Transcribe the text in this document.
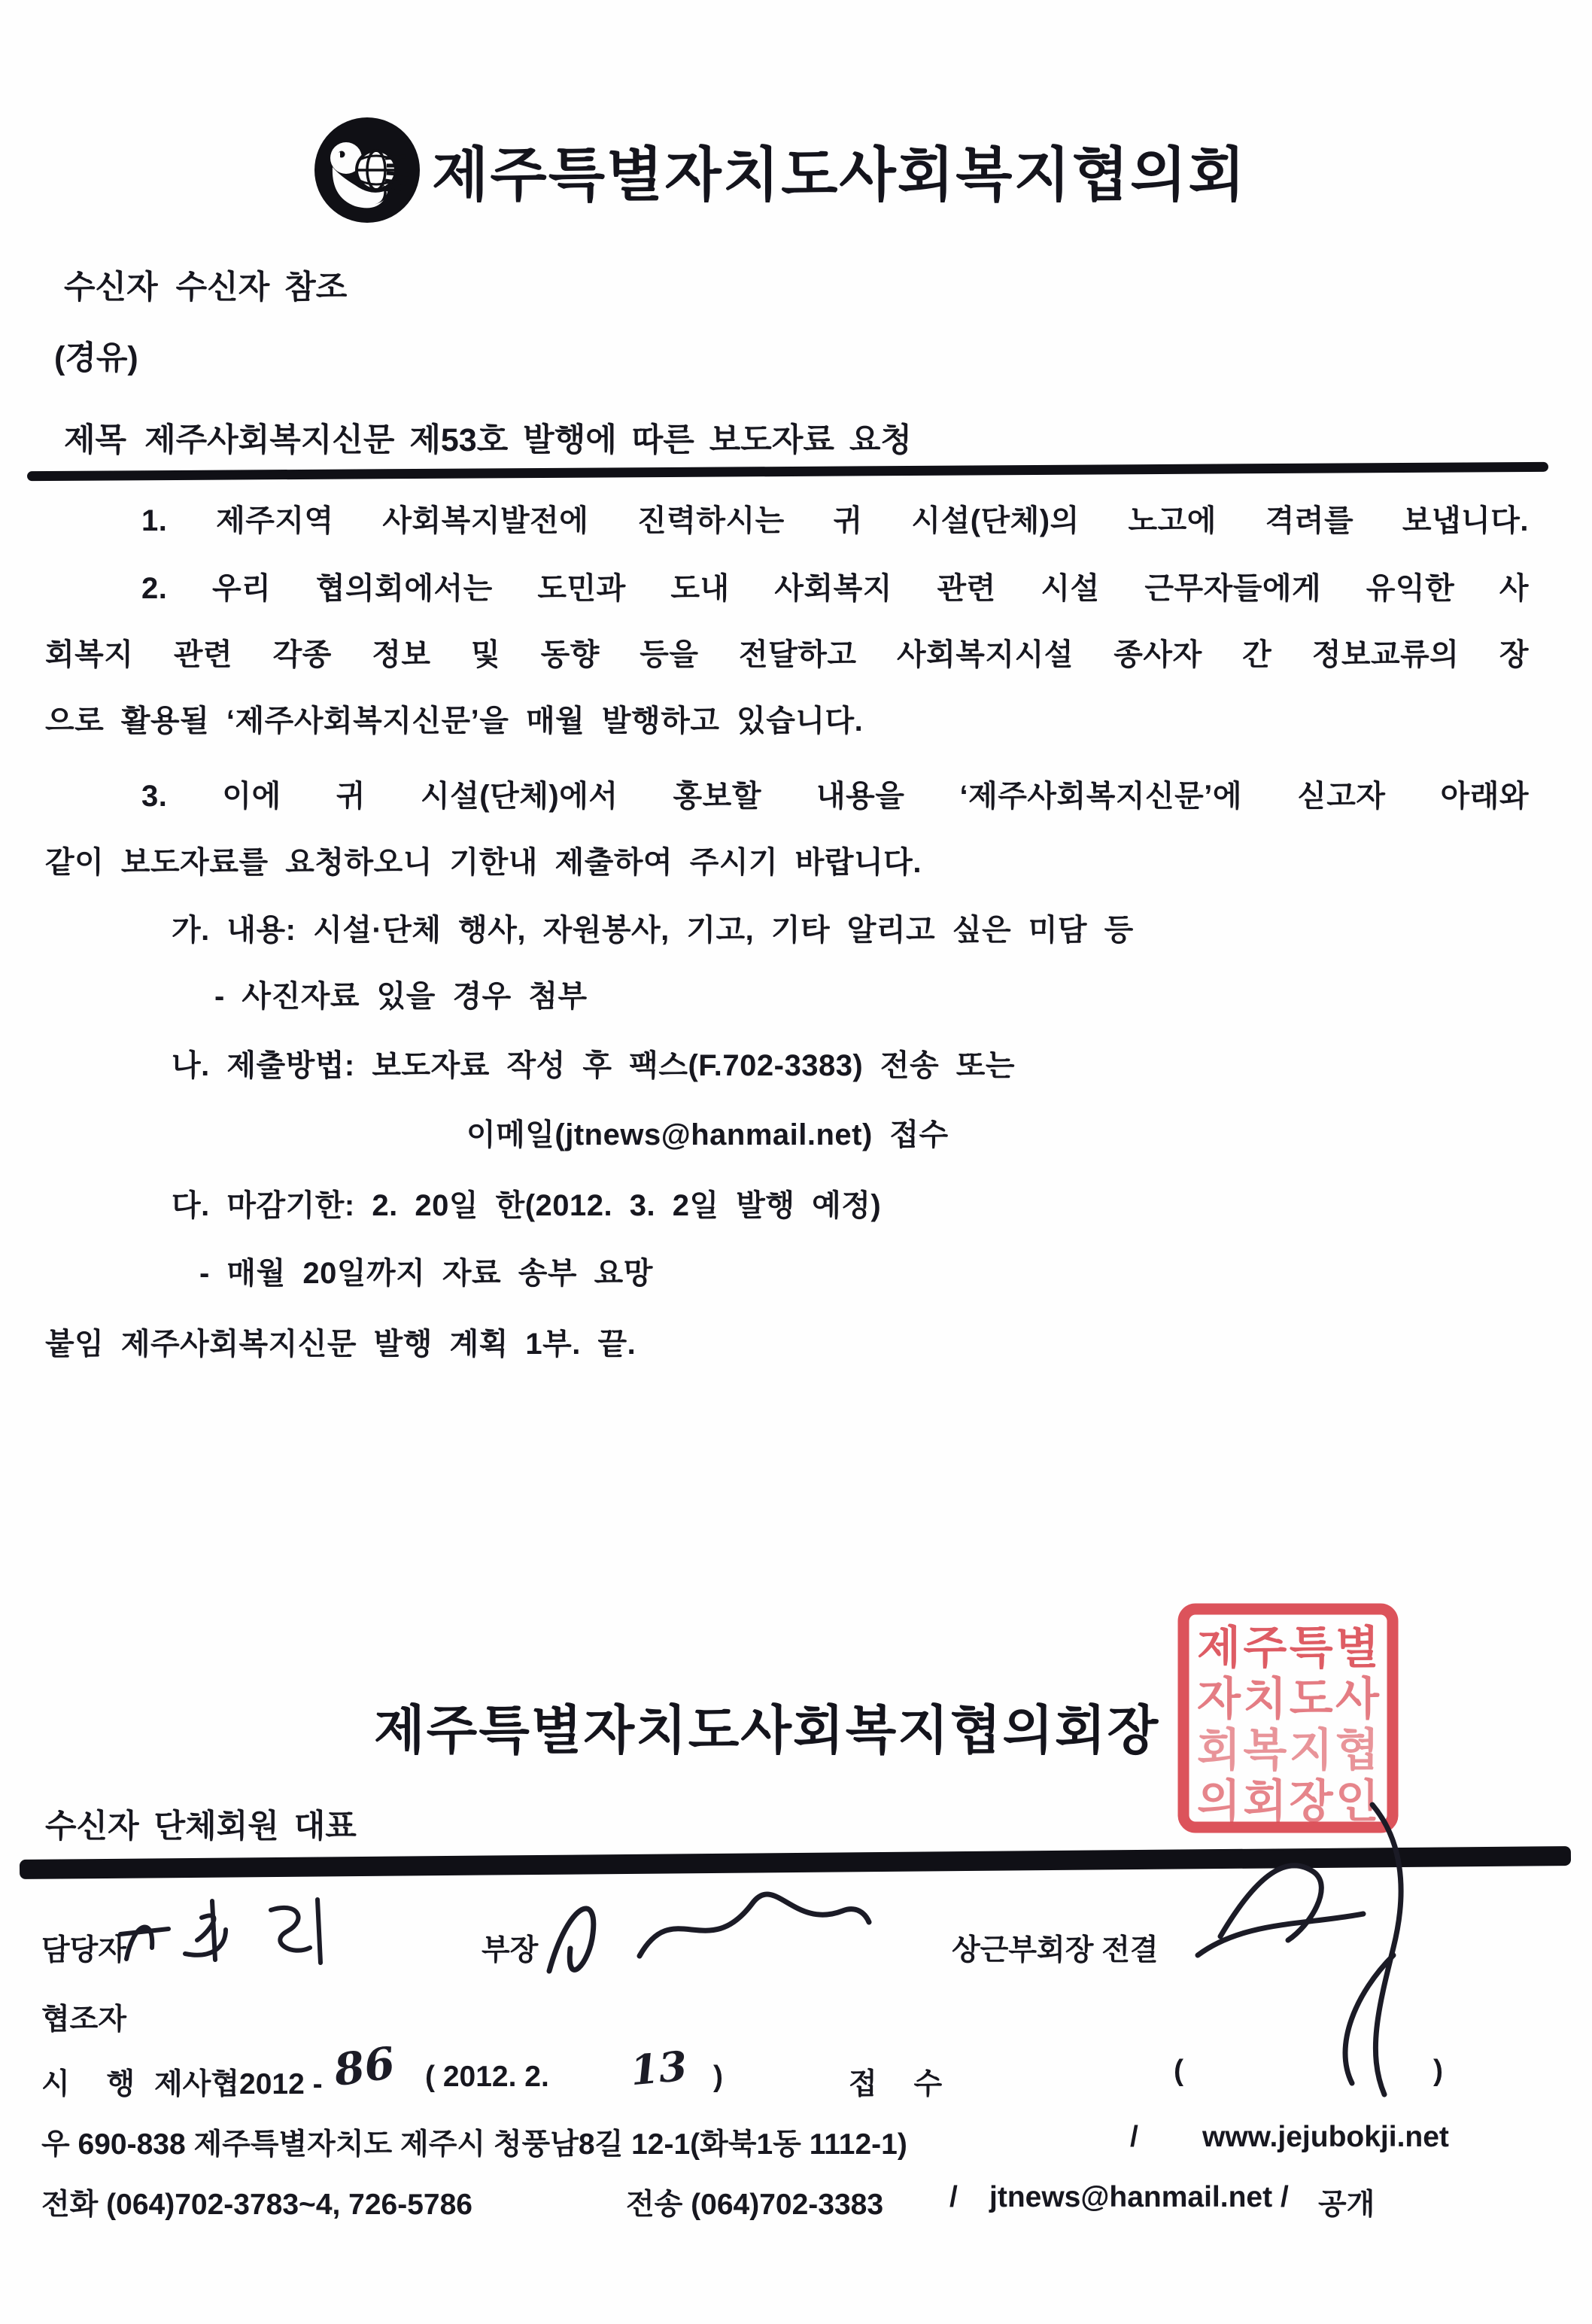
제주특별자치도사회복지협의회
수신자 수신자 참조
(경유)
제목 제주사회복지신문 제53호 발행에 따른 보도자료 요청
1. 제주지역 사회복지발전에 진력하시는 귀 시설(단체)의 노고에 격려를 보냅니다.
2. 우리 협의회에서는 도민과 도내 사회복지 관련 시설 근무자들에게 유익한 사
회복지 관련 각종 정보 및 동향 등을 전달하고 사회복지시설 종사자 간 정보교류의 장
으로 활용될 ‘제주사회복지신문’을 매월 발행하고 있습니다.
3. 이에 귀 시설(단체)에서 홍보할 내용을 ‘제주사회복지신문’에 싣고자 아래와
같이 보도자료를 요청하오니 기한내 제출하여 주시기 바랍니다.
가. 내용: 시설·단체 행사, 자원봉사, 기고, 기타 알리고 싶은 미담 등
- 사진자료 있을 경우 첨부
나. 제출방법: 보도자료 작성 후 팩스(F.702-3383) 전송 또는
이메일(jtnews@hanmail.net) 접수
다. 마감기한: 2. 20일 한(2012. 3. 2일 발행 예정)
- 매월 20일까지 자료 송부 요망
붙임 제주사회복지신문 발행 계획 1부. 끝.
제주특별자치도사회복지협의회장
제주특별
자치도사
회복지협
의회장인
수신자 단체회원 대표
담당자	부장	상근부회장 전결
협조자
시 행 제사협2012 - 86 ( 2012. 2. 13 )	접 수	(	)
우 690-838 제주특별자치도 제주시 청풍남8길 12-1(화북1동 1112-1)	/ www.jejubokji.net
전화 (064)702-3783~4, 726-5786	전송 (064)702-3383 / jtnews@hanmail.net / 공개
